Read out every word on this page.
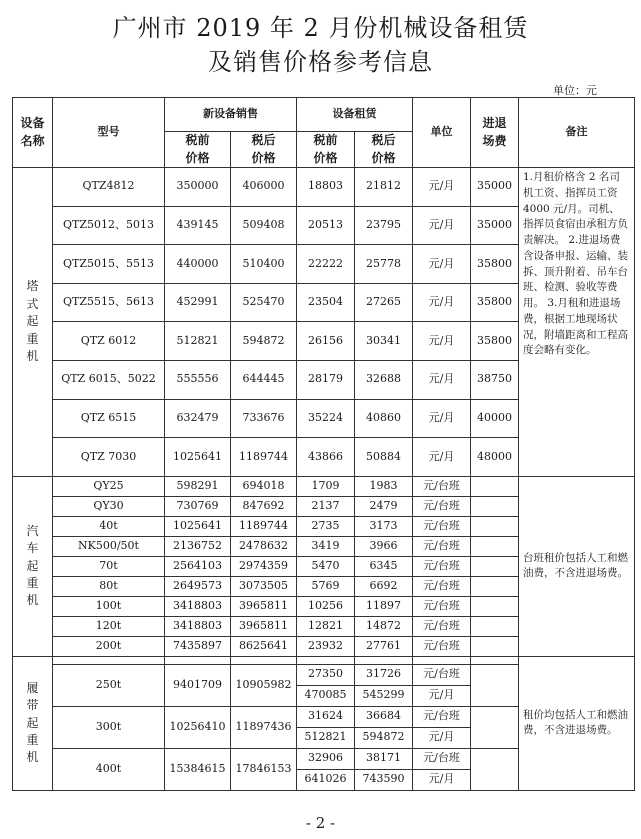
广州市 2019 年 2 月份机械设备租赁
及销售价格参考信息
单位：元
设备名称	型号	新设备销售		设备租赁		单位	进退场费	备注
		税前价格	税后价格	税前价格	税后价格			
塔式起重机	QTZ4812	350000	406000	18803	21812	元/月	35000	1.月租价格含 2 名司机工资、指挥员工资 4000 元/月。司机、指挥员食宿由承租方负责解决。 2.进退场费含设备申报、运输、装拆、顶升附着、吊车台班、检测、验收等费用。 3.月租和进退场费，根据工地现场状况，附墙距离和工程高度会略有变化。
	QTZ5012、5013	439145	509408	20513	23795	元/月	35000	
	QTZ5015、5513	440000	510400	22222	25778	元/月	35800	
	QTZ5515、5613	452991	525470	23504	27265	元/月	35800	
	QTZ 6012	512821	594872	26156	30341	元/月	35800	
	QTZ 6015、5022	555556	644445	28179	32688	元/月	38750	
	QTZ 6515	632479	733676	35224	40860	元/月	40000	
	QTZ 7030	1025641	1189744	43866	50884	元/月	48000	
汽车起重机	QY25	598291	694018	1709	1983	元/台班		台班租价包括人工和燃油费，不含进退场费。
	QY30	730769	847692	2137	2479	元/台班		
	40t	1025641	1189744	2735	3173	元/台班		
	NK500/50t	2136752	2478632	3419	3966	元/台班		
	70t	2564103	2974359	5470	6345	元/台班		
	80t	2649573	3073505	5769	6692	元/台班		
	100t	3418803	3965811	10256	11897	元/台班		
	120t	3418803	3965811	12821	14872	元/台班		
	200t	7435897	8625641	23932	27761	元/台班		
履带起重机								租价均包括人工和燃油费，不含进退场费。
	250t	9401709	10905982	27350	31726	元/台班		
				470085	545299	元/月		
	300t	10256410	11897436	31624	36684	元/台班		
				512821	594872	元/月		
	400t	15384615	17846153	32906	38171	元/台班		
				641026	743590	元/月		
- 2 -
